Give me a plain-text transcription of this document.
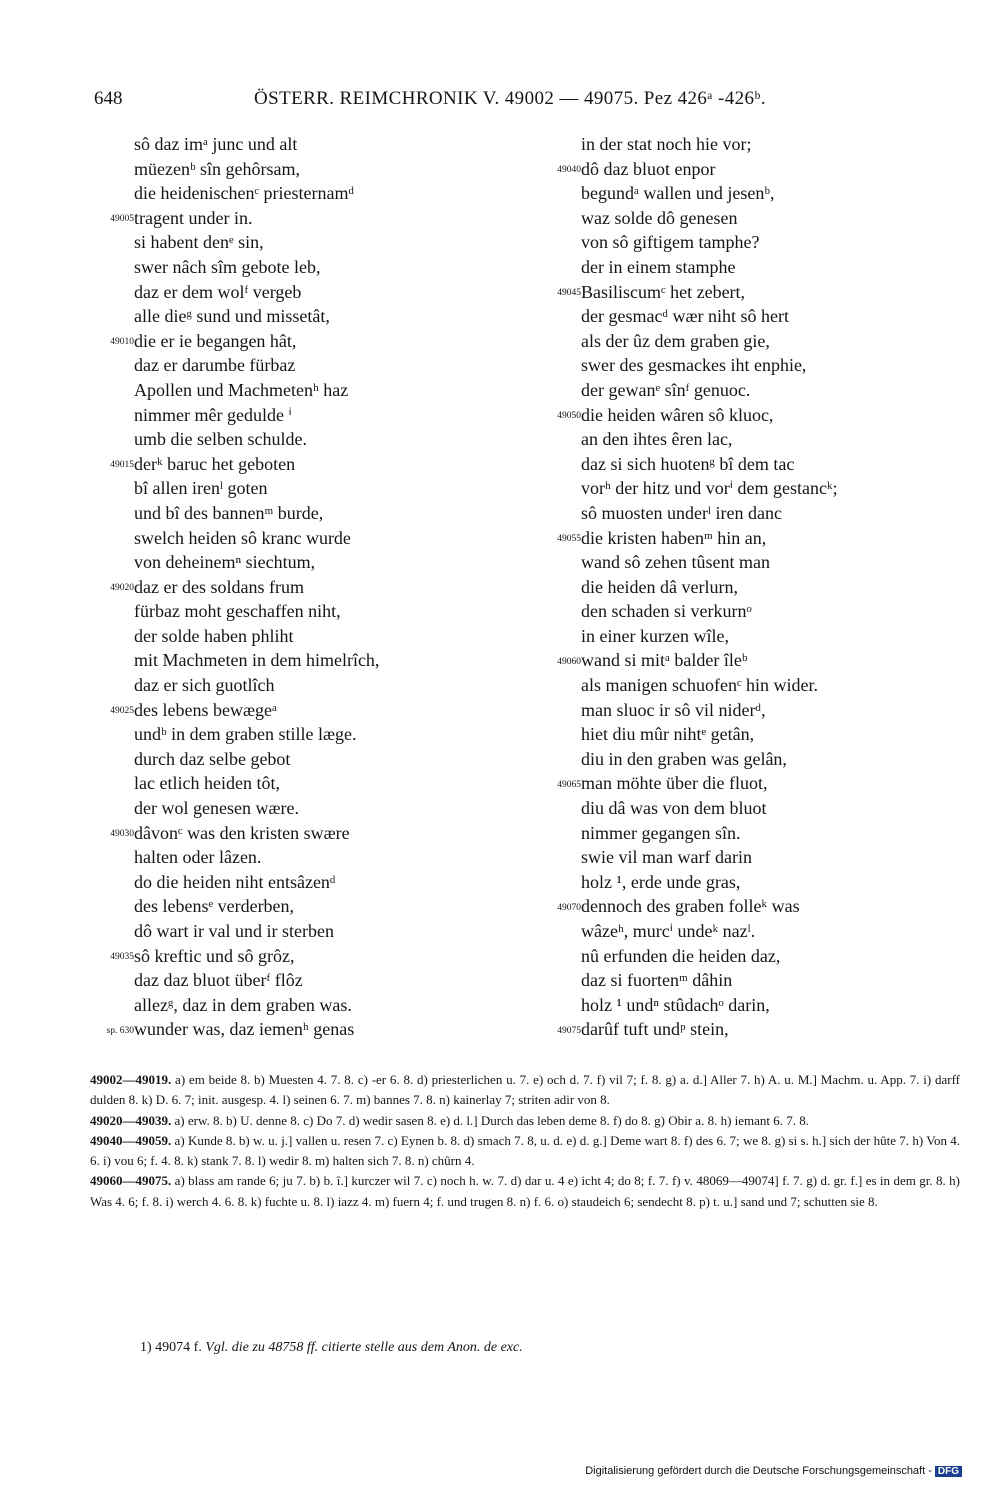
648	ÖSTERR. REIMCHRONIK V. 49002 — 49075. Pez 426ᵃ -426ᵇ.
sô daz imᵃ junc und alt
müezenᵇ sîn gehôrsam,
die heidenischenᶜ priesternamᵈ
49005 tragent under in.
si habent denᵉ sin,
swer nâch sîm gebote leb,
daz er dem wolᶠ vergeb
alle dieᵍ sund und missetât,
49010 die er ie begangen hât,
daz er darumbe fürbaz
Apollen und Machmetenʰ haz
nimmer mêr gedulde ⁱ
umb die selben schulde.
49015 derᵏ baruc het geboten
bî allen irenˡ goten
und bî des bannenᵐ burde,
swelch heiden sô kranc wurde
von deheinemⁿ siechtum,
49020 daz er des soldans frum
fürbaz moht geschaffen niht,
der solde haben phliht
mit Machmeten in dem himelrîch,
daz er sich guotlîch
49025 des lebens bewægeᵃ
undᵇ in dem graben stille læge.
durch daz selbe gebot
lac etlich heiden tôt,
der wol genesen wære.
49030 dâvonᶜ was den kristen swære
halten oder lâzen.
do die heiden niht entsâzenᵈ
des lebensᵉ verderben,
dô wart ir val und ir sterben
49035 sô kreftic und sô grôz,
daz daz bluot überᶠ flôz
allezᵍ, daz in dem graben was.
sp. 630 wunder was, daz iemenʰ genas
in der stat noch hie vor;
49040 dô daz bluot enpor
begundᵃ wallen und jesenᵇ,
waz solde dô genesen
von sô giftigem tamphe?
der in einem stamphe
49045 Basiliscumᶜ het zebert,
der gesmacᵈ wær niht sô hert
als der ûz dem graben gie,
swer des gesmackes iht enphie,
der gewanᵉ sînᶠ genuoc.
49050 die heiden wâren sô kluoc,
an den ihtes êren lac,
daz si sich huotenᵍ bî dem tac
vorʰ der hitz und vorⁱ dem gestancᵏ;
sô muosten underˡ iren danc
49055 die kristen habenᵐ hin an,
wand sô zehen tûsent man
die heiden dâ verlurn,
den schaden si verkurnᵒ
in einer kurzen wîle,
49060 wand si mitᵃ balder îleᵇ
als manigen schuofenᶜ hin wider.
man sluoc ir sô vil niderᵈ,
hiet diu mûr nihtᵉ getân,
diu in den graben was gelân,
49065 man möhte über die fluot,
diu dâ was von dem bluot
nimmer gegangen sîn.
swie vil man warf darin
holz ¹, erde unde gras,
49070 dennoch des graben folleᵏ was
wâzeʰ, murcⁱ undeᵏ nazˡ.
nû erfunden die heiden daz,
daz si fuortenᵐ dâhin
holz ¹ undⁿ stûdachᵒ darin,
49075 darûf tuft undᵖ stein,

49002—49019. a) em beide 8. b) Muesten 4. 7. 8. c) -er 6. 8. d) priesterlichen u. 7. e) och d. 7. f) vil 7; f. 8. g) a. d.] Aller 7. h) A. u. M.] Machm. u. App. 7. i) darff dulden 8. k) D. 6. 7; init. ausgesp. 4. l) seinen 6. 7. m) bannes 7. 8. n) kainerlay 7; striten adir von 8.

49020—49039. a) erw. 8. b) U. denne 8. c) Do 7. d) wedir sasen 8. e) d. l.] Durch das leben deme 8. f) do 8. g) Obir a. 8. h) iemant 6. 7. 8.

49040—49059. a) Kunde 8. b) w. u. j.] vallen u. resen 7. c) Eynen b. 8. d) smach 7. 8, u. d. e) d. g.] Deme wart 8. f) des 6. 7; we 8. g) si s. h.] sich der hûte 7. h) Von 4. 6. i) vou 6; f. 4. 8. k) stank 7. 8. l) wedir 8. m) halten sich 7. 8. n) chûrn 4.

49060—49075. a) blass am rande 6; ju 7. b) b. î.] kurczer wil 7. c) noch h. w. 7. d) dar u. 4 e) icht 4; do 8; f. 7. f) v. 48069—49074] f. 7. g) d. gr. f.] es in dem gr. 8. h) Was 4. 6; f. 8. i) werch 4. 6. 8. k) fuchte u. 8. l) iazz 4. m) fuern 4; f. und trugen 8. n) f. 6. o) staudeich 6; sendecht 8. p) t. u.] sand und 7; schutten sie 8.

1) 49074 f. Vgl. die zu 48758 ff. citierte stelle aus dem Anon. de exc.
Digitalisierung gefördert durch die Deutsche Forschungsgemeinschaft - DFG
